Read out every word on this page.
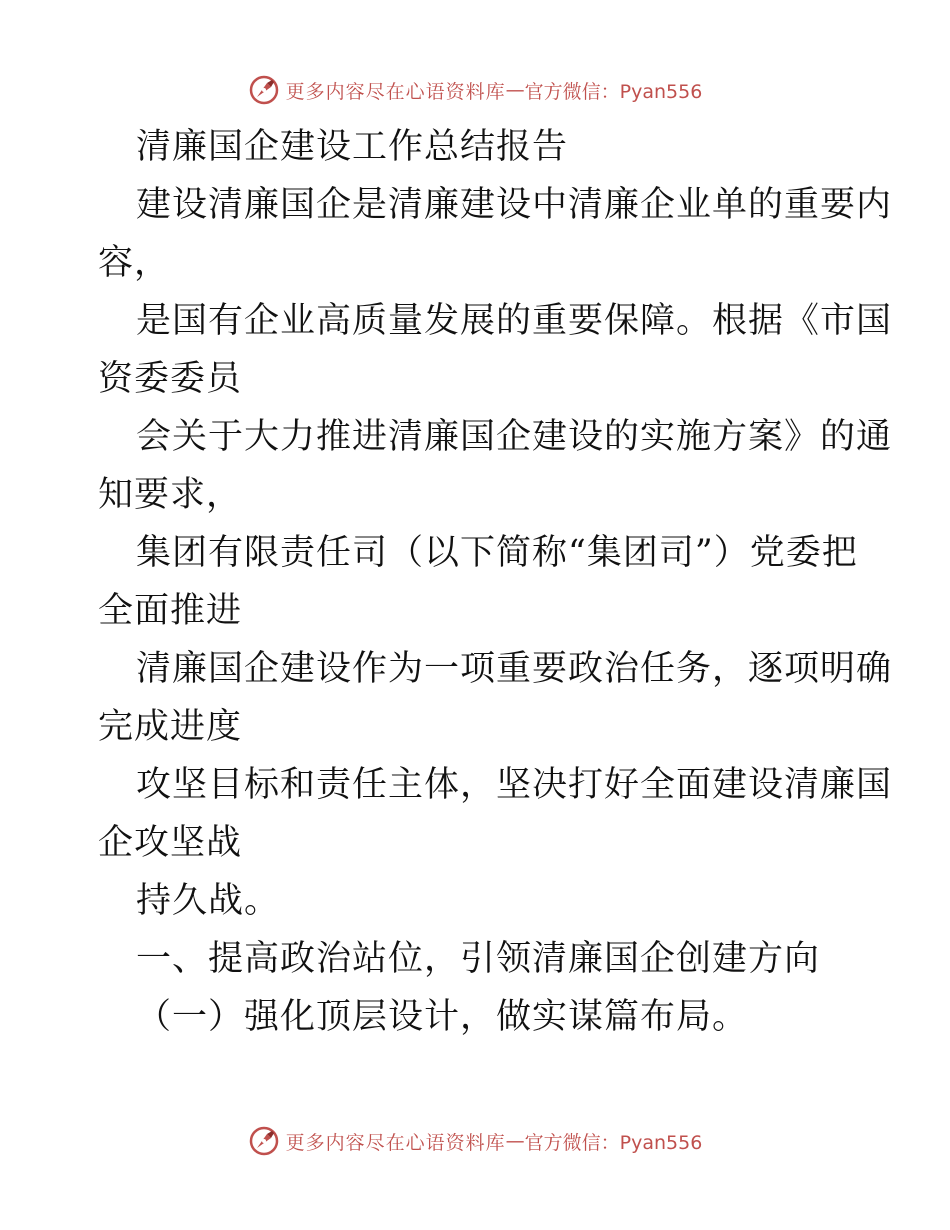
更多内容尽在心语资料库 — 官方微信：Pyan556
清廉国企建设工作总结报告
建设清廉国企是清廉建设中清廉企业单的重要内
容，
是国有企业高质量发展的重要保障。根据《市国
资委委员
会关于大力推进清廉国企建设的实施方案》的通
知要求，
集团有限责任司（以下简称“集团司”）党委把
全面推进
清廉国企建设作为一项重要政治任务，逐项明确
完成进度
攻坚目标和责任主体，坚决打好全面建设清廉国
企攻坚战
持久战。
一、提高政治站位，引领清廉国企创建方向
（一）强化顶层设计，做实谋篇布局。
更多内容尽在心语资料库 — 官方微信：Pyan556
